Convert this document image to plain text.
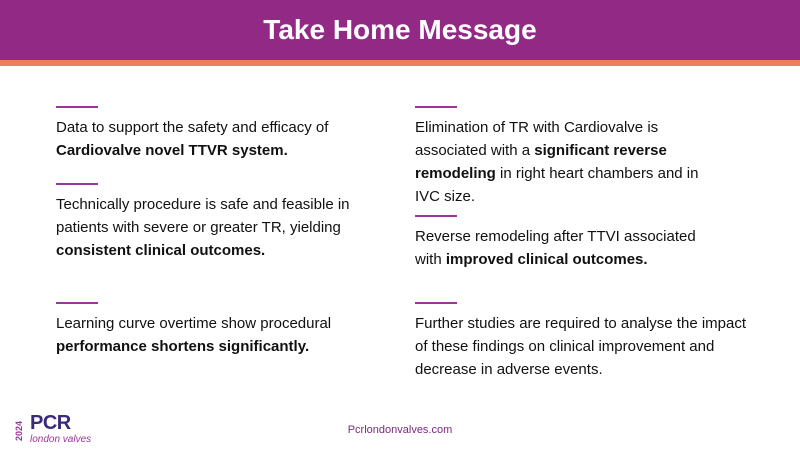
Take Home Message
Data to support the safety and efficacy of Cardiovalve novel TTVR system.
Technically procedure is safe and feasible in patients with severe or greater TR, yielding consistent clinical outcomes.
Learning curve overtime show procedural performance shortens significantly.
Elimination of TR with Cardiovalve is associated with a significant reverse remodeling in right heart chambers and in IVC size.
Reverse remodeling after TTVI associated with improved clinical outcomes.
Further studies are required to analyse the impact of these findings on clinical improvement and decrease in adverse events.
2024 PCR
london valves
Pcrlondonvalves.com
